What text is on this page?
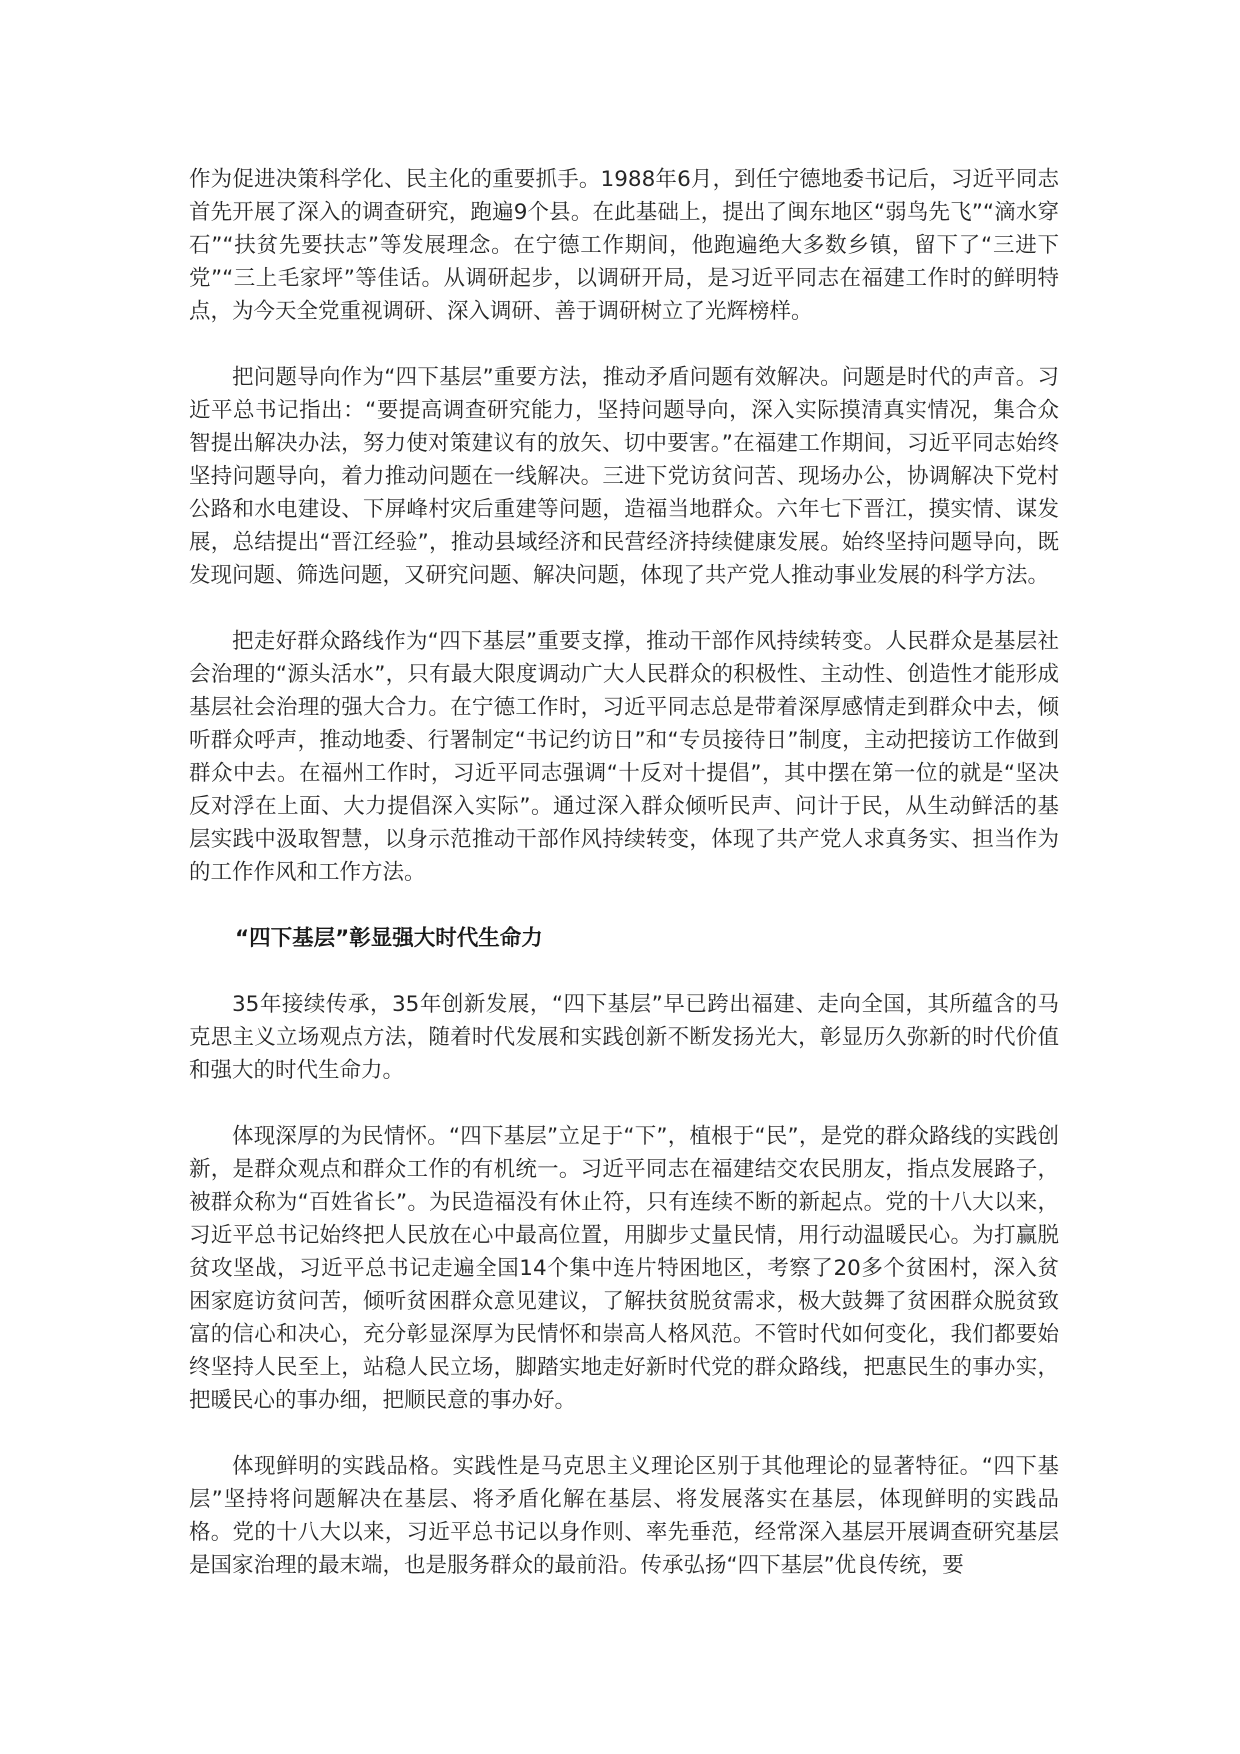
作为促进决策科学化、民主化的重要抓手。1988年6月，到任宁德地委书记后，习近平同志首先开展了深入的调查研究，跑遍9个县。在此基础上，提出了闽东地区“弱鸟先飞”“滴水穿石”“扶贫先要扶志”等发展理念。在宁德工作期间，他跑遍绝大多数乡镇，留下了“三进下党”“三上毛家坪”等佳话。从调研起步，以调研开局，是习近平同志在福建工作时的鲜明特点，为今天全党重视调研、深入调研、善于调研树立了光辉榜样。

把问题导向作为“四下基层”重要方法，推动矛盾问题有效解决。问题是时代的声音。习近平总书记指出：“要提高调查研究能力，坚持问题导向，深入实际摸清真实情况，集合众智提出解决办法，努力使对策建议有的放矢、切中要害。”在福建工作期间，习近平同志始终坚持问题导向，着力推动问题在一线解决。三进下党访贫问苦、现场办公，协调解决下党村公路和水电建设、下屏峰村灾后重建等问题，造福当地群众。六年七下晋江，摸实情、谋发展，总结提出“晋江经验”，推动县域经济和民营经济持续健康发展。始终坚持问题导向，既发现问题、筛选问题，又研究问题、解决问题，体现了共产党人推动事业发展的科学方法。

把走好群众路线作为“四下基层”重要支撑，推动干部作风持续转变。人民群众是基层社会治理的“源头活水”，只有最大限度调动广大人民群众的积极性、主动性、创造性才能形成基层社会治理的强大合力。在宁德工作时，习近平同志总是带着深厚感情走到群众中去，倾听群众呼声，推动地委、行署制定“书记约访日”和“专员接待日”制度，主动把接访工作做到群众中去。在福州工作时，习近平同志强调“十反对十提倡”，其中摆在第一位的就是“坚决反对浮在上面、大力提倡深入实际”。通过深入群众倾听民声、问计于民，从生动鲜活的基层实践中汲取智慧，以身示范推动干部作风持续转变，体现了共产党人求真务实、担当作为的工作作风和工作方法。

“四下基层”彰显强大时代生命力

35年接续传承，35年创新发展，“四下基层”早已跨出福建、走向全国，其所蕴含的马克思主义立场观点方法，随着时代发展和实践创新不断发扬光大，彰显历久弥新的时代价值和强大的时代生命力。

体现深厚的为民情怀。“四下基层”立足于“下”，植根于“民”，是党的群众路线的实践创新，是群众观点和群众工作的有机统一。习近平同志在福建结交农民朋友，指点发展路子，被群众称为“百姓省长”。为民造福没有休止符，只有连续不断的新起点。党的十八大以来，习近平总书记始终把人民放在心中最高位置，用脚步丈量民情，用行动温暖民心。为打赢脱贫攻坚战，习近平总书记走遍全国14个集中连片特困地区，考察了20多个贫困村，深入贫困家庭访贫问苦，倾听贫困群众意见建议，了解扶贫脱贫需求，极大鼓舞了贫困群众脱贫致富的信心和决心，充分彰显深厚为民情怀和崇高人格风范。不管时代如何变化，我们都要始终坚持人民至上，站稳人民立场，脚踏实地走好新时代党的群众路线，把惠民生的事办实，把暖民心的事办细，把顺民意的事办好。

体现鲜明的实践品格。实践性是马克思主义理论区别于其他理论的显著特征。“四下基层”坚持将问题解决在基层、将矛盾化解在基层、将发展落实在基层，体现鲜明的实践品格。党的十八大以来，习近平总书记以身作则、率先垂范，经常深入基层开展调查研究基层是国家治理的最末端，也是服务群众的最前沿。传承弘扬“四下基层”优良传统，要
